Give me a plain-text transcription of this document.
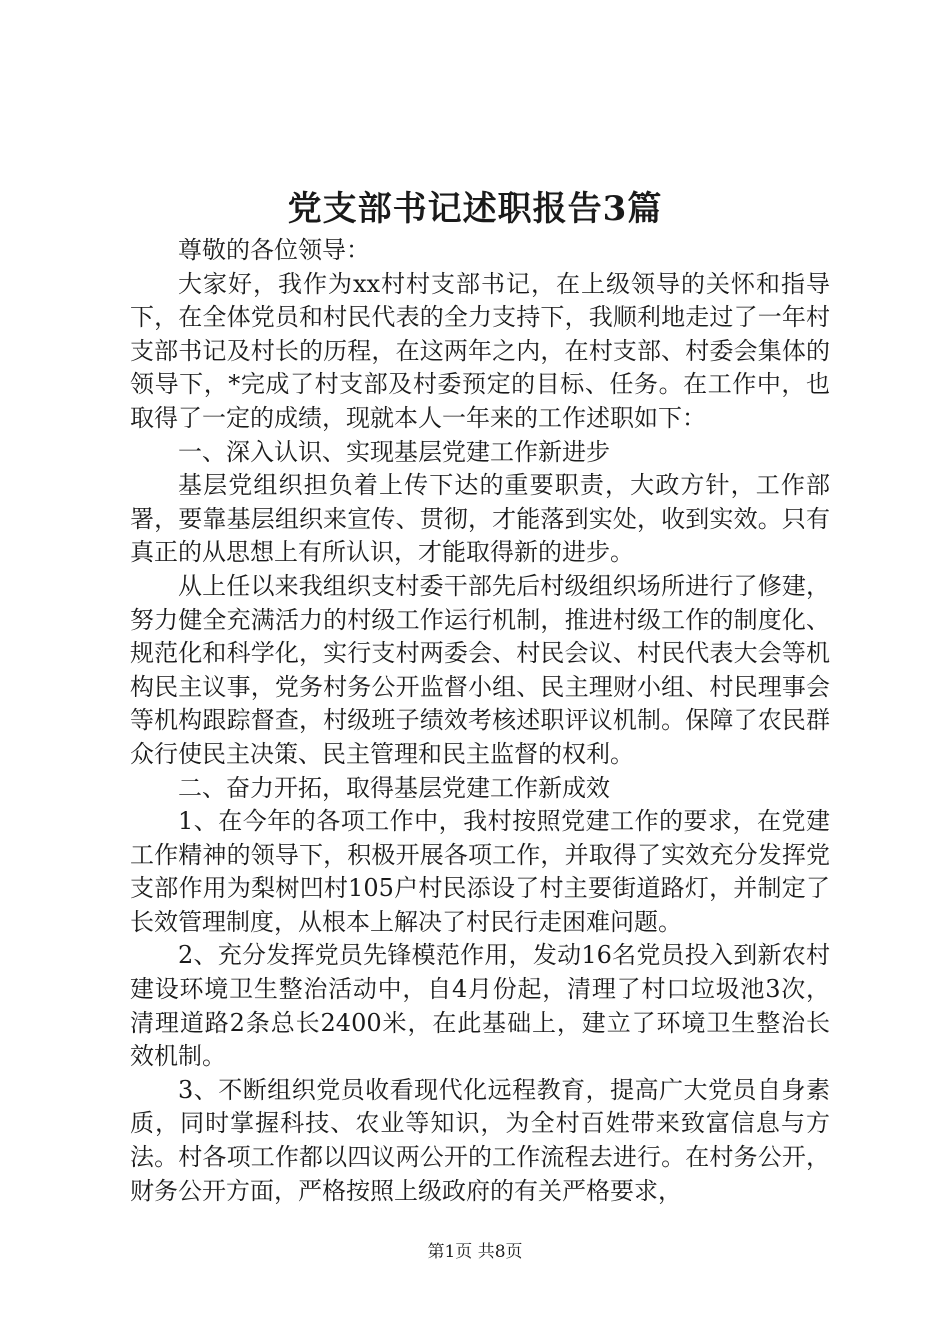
党支部书记述职报告3篇

尊敬的各位领导：

大家好，我作为xx村村支部书记，在上级领导的关怀和指导下，在全体党员和村民代表的全力支持下，我顺利地走过了一年村支部书记及村长的历程，在这两年之内，在村支部、村委会集体的领导下，*完成了村支部及村委预定的目标、任务。在工作中，也取得了一定的成绩，现就本人一年来的工作述职如下：

一、深入认识、实现基层党建工作新进步

基层党组织担负着上传下达的重要职责，大政方针，工作部署，要靠基层组织来宣传、贯彻，才能落到实处，收到实效。只有真正的从思想上有所认识，才能取得新的进步。

从上任以来我组织支村委干部先后村级组织场所进行了修建，努力健全充满活力的村级工作运行机制，推进村级工作的制度化、规范化和科学化，实行支村两委会、村民会议、村民代表大会等机构民主议事，党务村务公开监督小组、民主理财小组、村民理事会等机构跟踪督查，村级班子绩效考核述职评议机制。保障了农民群众行使民主决策、民主管理和民主监督的权利。

二、奋力开拓，取得基层党建工作新成效

1、在今年的各项工作中，我村按照党建工作的要求，在党建工作精神的领导下，积极开展各项工作，并取得了实效充分发挥党支部作用为梨树凹村105户村民添设了村主要街道路灯，并制定了长效管理制度，从根本上解决了村民行走困难问题。

2、充分发挥党员先锋模范作用，发动16名党员投入到新农村建设环境卫生整治活动中，自4月份起，清理了村口垃圾池3次，清理道路2条总长2400米，在此基础上，建立了环境卫生整治长效机制。

3、不断组织党员收看现代化远程教育，提高广大党员自身素质，同时掌握科技、农业等知识，为全村百姓带来致富信息与方法。村各项工作都以四议两公开的工作流程去进行。在村务公开，财务公开方面，严格按照上级政府的有关严格要求，

第1页 共8页
